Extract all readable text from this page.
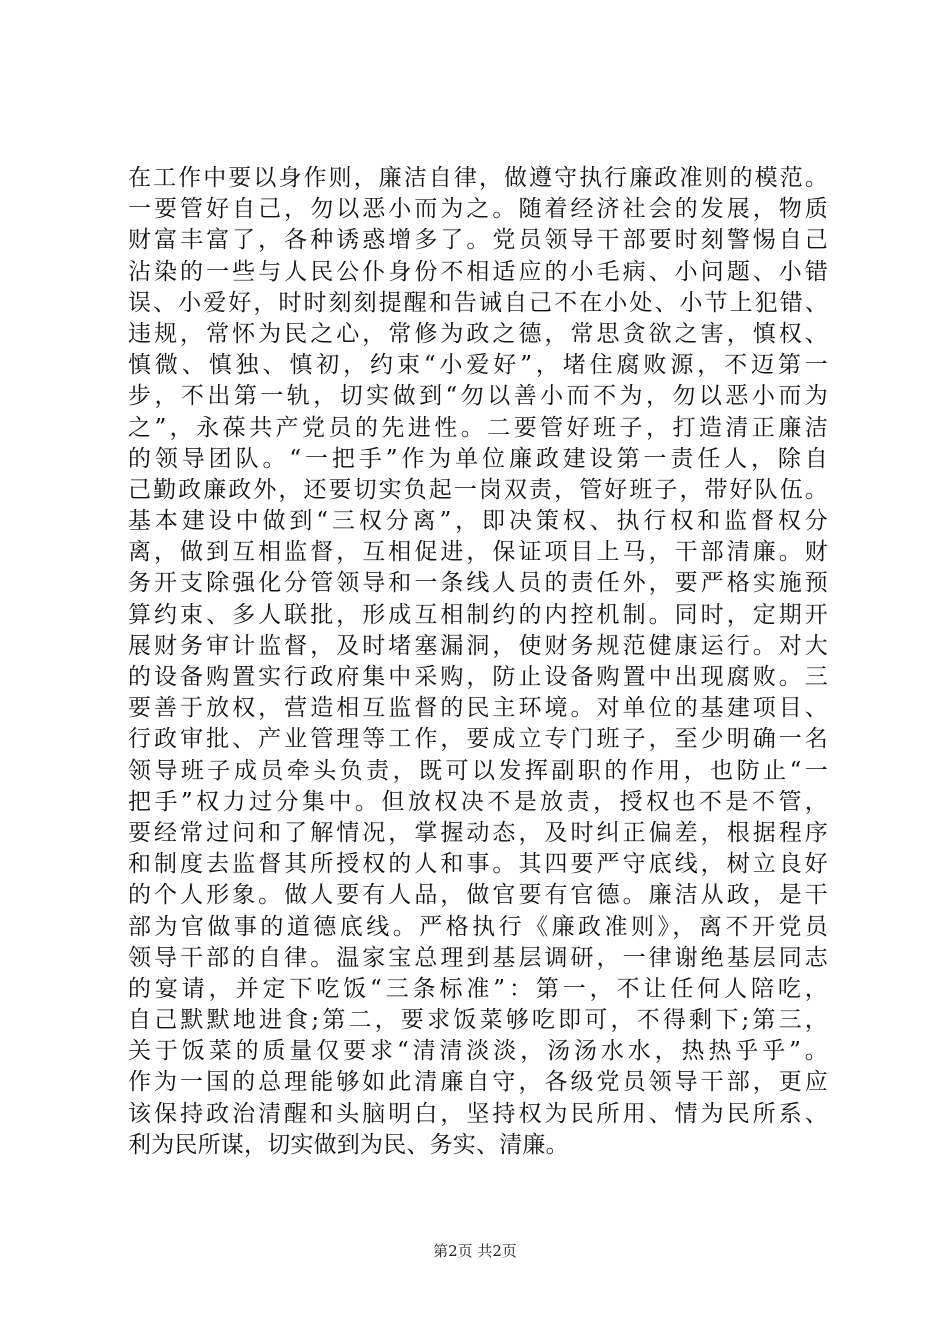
在工作中要以身作则，廉洁自律，做遵守执行廉政准则的模范。
一要管好自己，勿以恶小而为之。随着经济社会的发展，物质
财富丰富了，各种诱惑增多了。党员领导干部要时刻警惕自己
沾染的一些与人民公仆身份不相适应的小毛病、小问题、小错
误、小爱好，时时刻刻提醒和告诫自己不在小处、小节上犯错、
违规，常怀为民之心，常修为政之德，常思贪欲之害，慎权、
慎微、慎独、慎初，约束“小爱好”，堵住腐败源，不迈第一
步，不出第一轨，切实做到“勿以善小而不为，勿以恶小而为
之”，永葆共产党员的先进性。二要管好班子，打造清正廉洁
的领导团队。“一把手”作为单位廉政建设第一责任人，除自
己勤政廉政外，还要切实负起一岗双责，管好班子，带好队伍。
基本建设中做到“三权分离”，即决策权、执行权和监督权分
离，做到互相监督，互相促进，保证项目上马，干部清廉。财
务开支除强化分管领导和一条线人员的责任外，要严格实施预
算约束、多人联批，形成互相制约的内控机制。同时，定期开
展财务审计监督，及时堵塞漏洞，使财务规范健康运行。对大
的设备购置实行政府集中采购，防止设备购置中出现腐败。三
要善于放权，营造相互监督的民主环境。对单位的基建项目、
行政审批、产业管理等工作，要成立专门班子，至少明确一名
领导班子成员牵头负责，既可以发挥副职的作用，也防止“一
把手”权力过分集中。但放权决不是放责，授权也不是不管，
要经常过问和了解情况，掌握动态，及时纠正偏差，根据程序
和制度去监督其所授权的人和事。其四要严守底线，树立良好
的个人形象。做人要有人品，做官要有官德。廉洁从政，是干
部为官做事的道德底线。严格执行《廉政准则》，离不开党员
领导干部的自律。温家宝总理到基层调研，一律谢绝基层同志
的宴请，并定下吃饭“三条标准”：第一，不让任何人陪吃，
自己默默地进食;第二，要求饭菜够吃即可，不得剩下;第三，
关于饭菜的质量仅要求“清清淡淡，汤汤水水，热热乎乎”。
作为一国的总理能够如此清廉自守，各级党员领导干部，更应
该保持政治清醒和头脑明白，坚持权为民所用、情为民所系、
利为民所谋，切实做到为民、务实、清廉。
第2页 共2页
